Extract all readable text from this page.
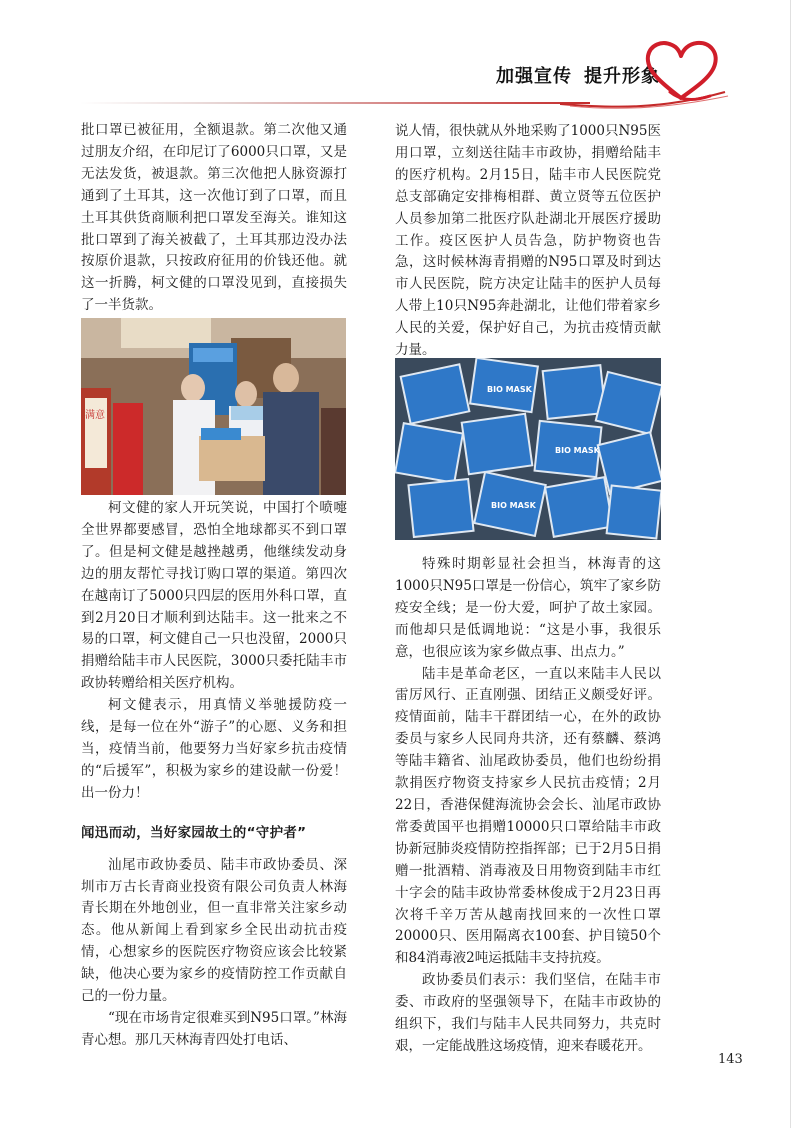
加强宣传 提升形象

批口罩已被征用，全额退款。第二次他又通过朋友介绍，在印尼订了6000只口罩，又是无法发货，被退款。第三次他把人脉资源打通到了土耳其，这一次他订到了口罩，而且土耳其供货商顺利把口罩发至海关。谁知这批口罩到了海关被截了，土耳其那边没办法按原价退款，只按政府征用的价钱还他。就这一折腾，柯文健的口罩没见到，直接损失了一半货款。

满意

柯文健的家人开玩笑说，中国打个喷嚏全世界都要感冒，恐怕全地球都买不到口罩了。但是柯文健是越挫越勇，他继续发动身边的朋友帮忙寻找订购口罩的渠道。第四次在越南订了5000只四层的医用外科口罩，直到2月20日才顺利到达陆丰。这一批来之不易的口罩，柯文健自己一只也没留，2000只捐赠给陆丰市人民医院，3000只委托陆丰市政协转赠给相关医疗机构。

柯文健表示，用真情义举驰援防疫一线，是每一位在外“游子”的心愿、义务和担当，疫情当前，他要努力当好家乡抗击疫情的“后援军”，积极为家乡的建设献一份爱！出一份力！

闻迅而动，当好家园故土的“守护者”

汕尾市政协委员、陆丰市政协委员、深圳市万古长青商业投资有限公司负责人林海青长期在外地创业，但一直非常关注家乡动态。他从新闻上看到家乡全民出动抗击疫情，心想家乡的医院医疗物资应该会比较紧缺，他决心要为家乡的疫情防控工作贡献自己的一份力量。

“现在市场肯定很难买到N95口罩。”林海青心想。那几天林海青四处打电话、

说人情，很快就从外地采购了1000只N95医用口罩，立刻送往陆丰市政协，捐赠给陆丰的医疗机构。2月15日，陆丰市人民医院党总支部确定安排梅相群、黄立贤等五位医护人员参加第二批医疗队赴湖北开展医疗援助工作。疫区医护人员告急，防护物资也告急，这时候林海青捐赠的N95口罩及时到达市人民医院，院方决定让陆丰的医护人员每人带上10只N95奔赴湖北，让他们带着家乡人民的关爱，保护好自己，为抗击疫情贡献力量。

BIO MASK
BIO MASK
BIO MASK

特殊时期彰显社会担当，林海青的这1000只N95口罩是一份信心，筑牢了家乡防疫安全线；是一份大爱，呵护了故土家园。而他却只是低调地说：“这是小事，我很乐意，也很应该为家乡做点事、出点力。”

陆丰是革命老区，一直以来陆丰人民以雷厉风行、正直刚强、团结正义颇受好评。疫情面前，陆丰干群团结一心，在外的政协委员与家乡人民同舟共济，还有蔡麟、蔡鸿等陆丰籍省、汕尾政协委员，他们也纷纷捐款捐医疗物资支持家乡人民抗击疫情；2月22日，香港保健海流协会会长、汕尾市政协常委黄国平也捐赠10000只口罩给陆丰市政协新冠肺炎疫情防控指挥部；已于2月5日捐赠一批酒精、消毒液及日用物资到陆丰市红十字会的陆丰政协常委林俊成于2月23日再次将千辛万苦从越南找回来的一次性口罩20000只、医用隔离衣100套、护目镜50个和84消毒液2吨运抵陆丰支持抗疫。

政协委员们表示：我们坚信，在陆丰市委、市政府的坚强领导下，在陆丰市政协的组织下，我们与陆丰人民共同努力，共克时艰，一定能战胜这场疫情，迎来春暖花开。

143
